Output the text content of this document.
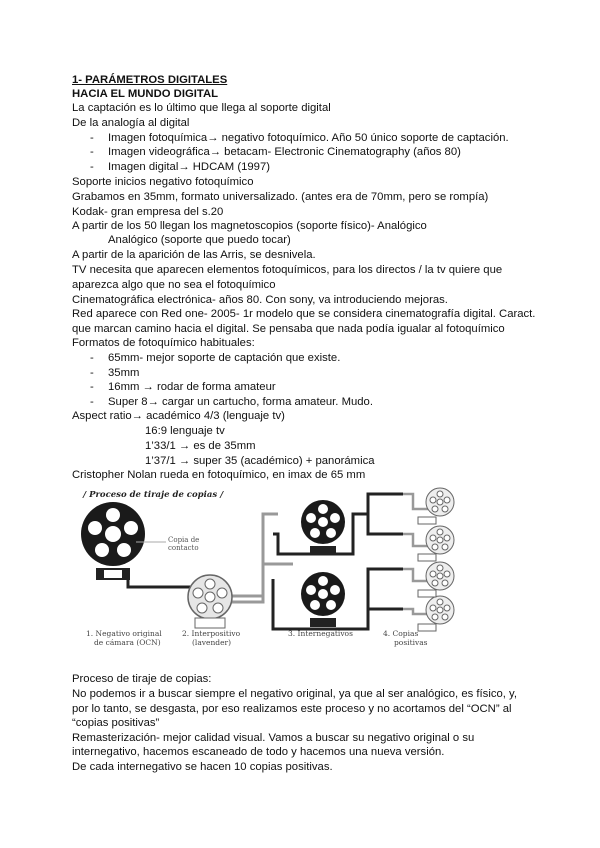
1- PARÁMETROS DIGITALES
HACIA EL MUNDO DIGITAL
La captación es lo último que llega al soporte digital
De la analogía al digital
- Imagen fotoquímica→ negativo fotoquímico. Año 50 único soporte de captación.
- Imagen videográfica→ betacam- Electronic Cinematography (años 80)
- Imagen digital→ HDCAM (1997)
Soporte inicios negativo fotoquímico
Grabamos en 35mm, formato universalizado. (antes era de 70mm, pero se rompía)
Kodak- gran empresa del s.20
A partir de los 50 llegan los magnetoscopios (soporte físico)- Analógico
Analógico (soporte que puedo tocar)
A partir de la aparición de las Arris, se desnivela.
TV necesita que aparecen elementos fotoquímicos, para los directos / la tv quiere que
aparezca algo que no sea el fotoquímico
Cinematográfica electrónica- años 80. Con sony, va introduciendo mejoras.
Red aparece con Red one- 2005- 1r modelo que se considera cinematografía digital. Caract.
que marcan camino hacia el digital. Se pensaba que nada podía igualar al fotoquímico
Formatos de fotoquímico habituales:
- 65mm- mejor soporte de captación que existe.
- 35mm
- 16mm → rodar de forma amateur
- Super 8→ cargar un cartucho, forma amateur. Mudo.
Aspect ratio→ académico 4/3 (lenguaje tv)
16:9 lenguaje tv
1’33/1 → es de 35mm
1’37/1 → super 35 (académico) + panorámica
Cristopher Nolan rueda en fotoquímico, en imax de 65 mm
/ Proceso de tiraje de copias /
Copia de
contacto
1. Negativo original
de cámara (OCN)
2. Interpositivo
(lavender)
3. Internegativos	4. Copias
positivas
Proceso de tiraje de copias:
No podemos ir a buscar siempre el negativo original, ya que al ser analógico, es físico, y,
por lo tanto, se desgasta, por eso realizamos este proceso y no acortamos del “OCN” al
“copias positivas”
Remasterización- mejor calidad visual. Vamos a buscar su negativo original o su
internegativo, hacemos escaneado de todo y hacemos una nueva versión.
De cada internegativo se hacen 10 copias positivas.
